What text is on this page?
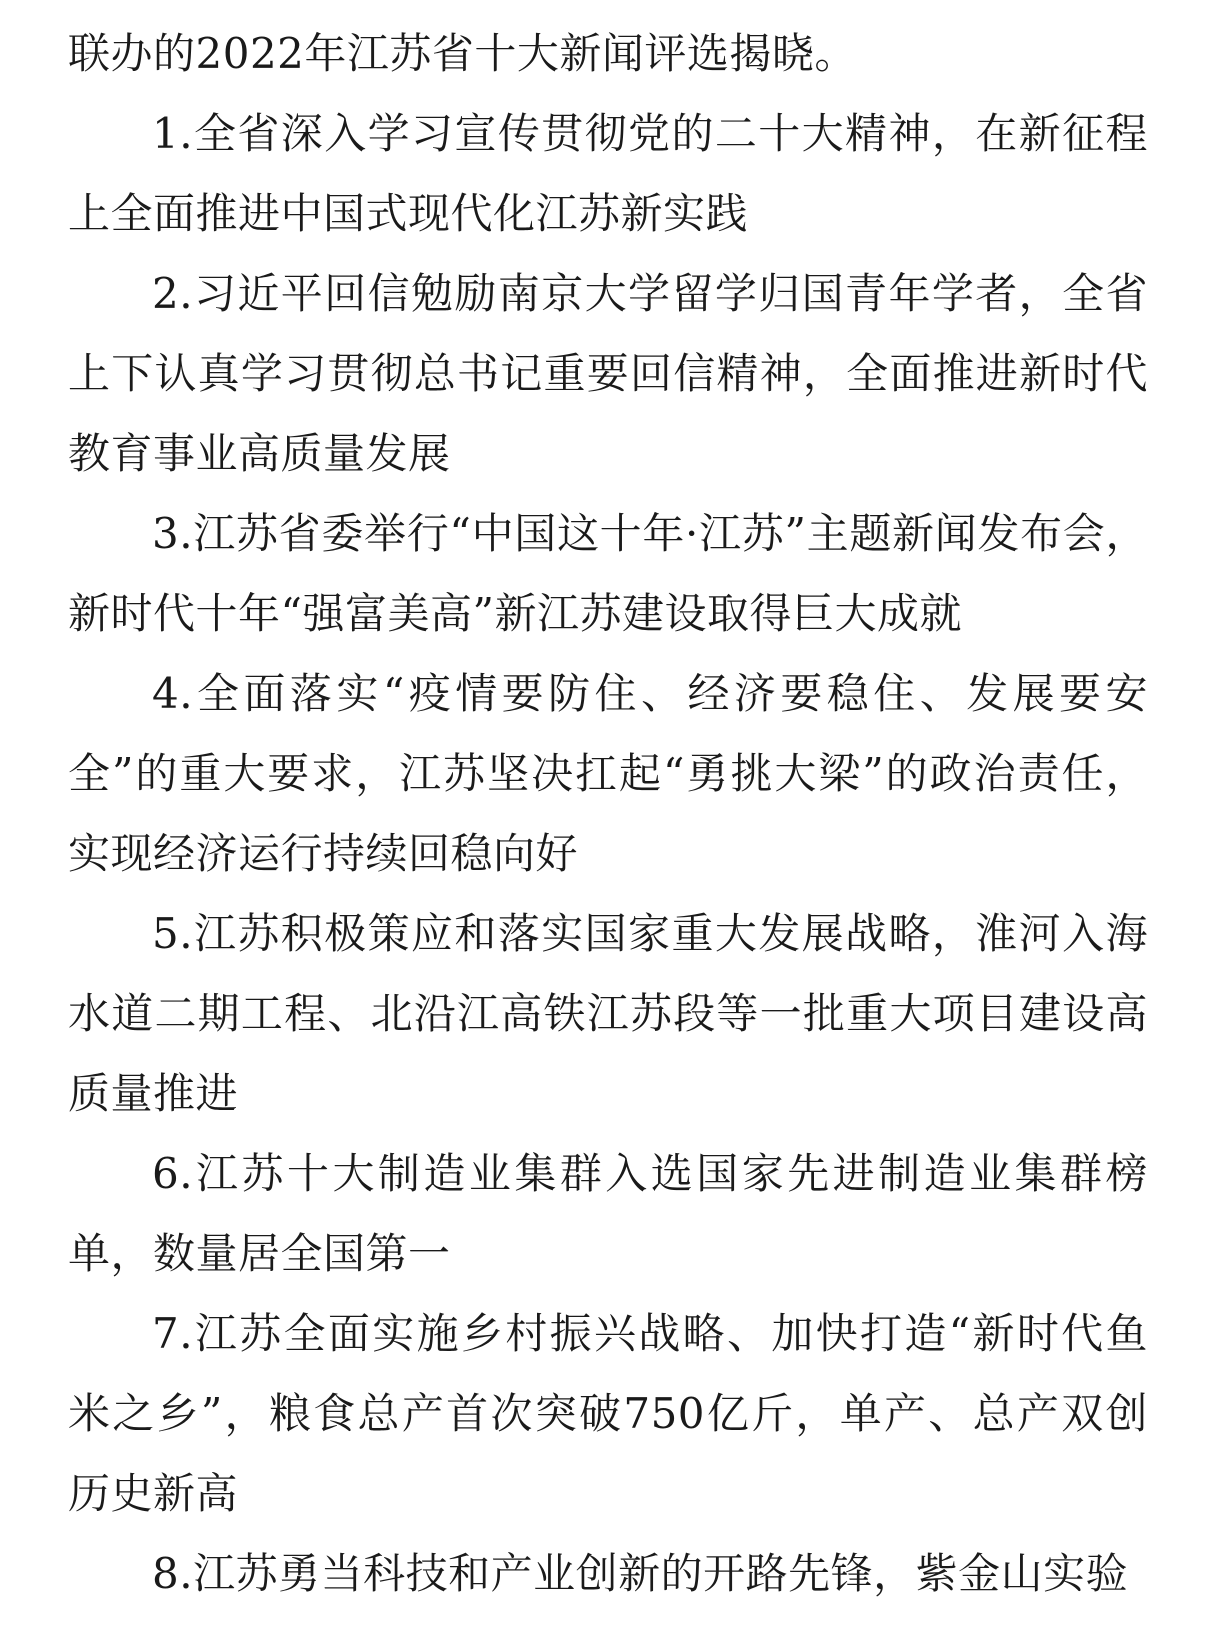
联办的2022年江苏省十大新闻评选揭晓。

1.全省深入学习宣传贯彻党的二十大精神，在新征程上全面推进中国式现代化江苏新实践

2.习近平回信勉励南京大学留学归国青年学者，全省上下认真学习贯彻总书记重要回信精神，全面推进新时代教育事业高质量发展

3.江苏省委举行“中国这十年·江苏”主题新闻发布会，新时代十年“强富美高”新江苏建设取得巨大成就

4.全面落实“疫情要防住、经济要稳住、发展要安全”的重大要求，江苏坚决扛起“勇挑大梁”的政治责任，实现经济运行持续回稳向好

5.江苏积极策应和落实国家重大发展战略，淮河入海水道二期工程、北沿江高铁江苏段等一批重大项目建设高质量推进

6.江苏十大制造业集群入选国家先进制造业集群榜单，数量居全国第一

7.江苏全面实施乡村振兴战略、加快打造“新时代鱼米之乡”，粮食总产首次突破750亿斤，单产、总产双创历史新高

8.江苏勇当科技和产业创新的开路先锋，紫金山实验
